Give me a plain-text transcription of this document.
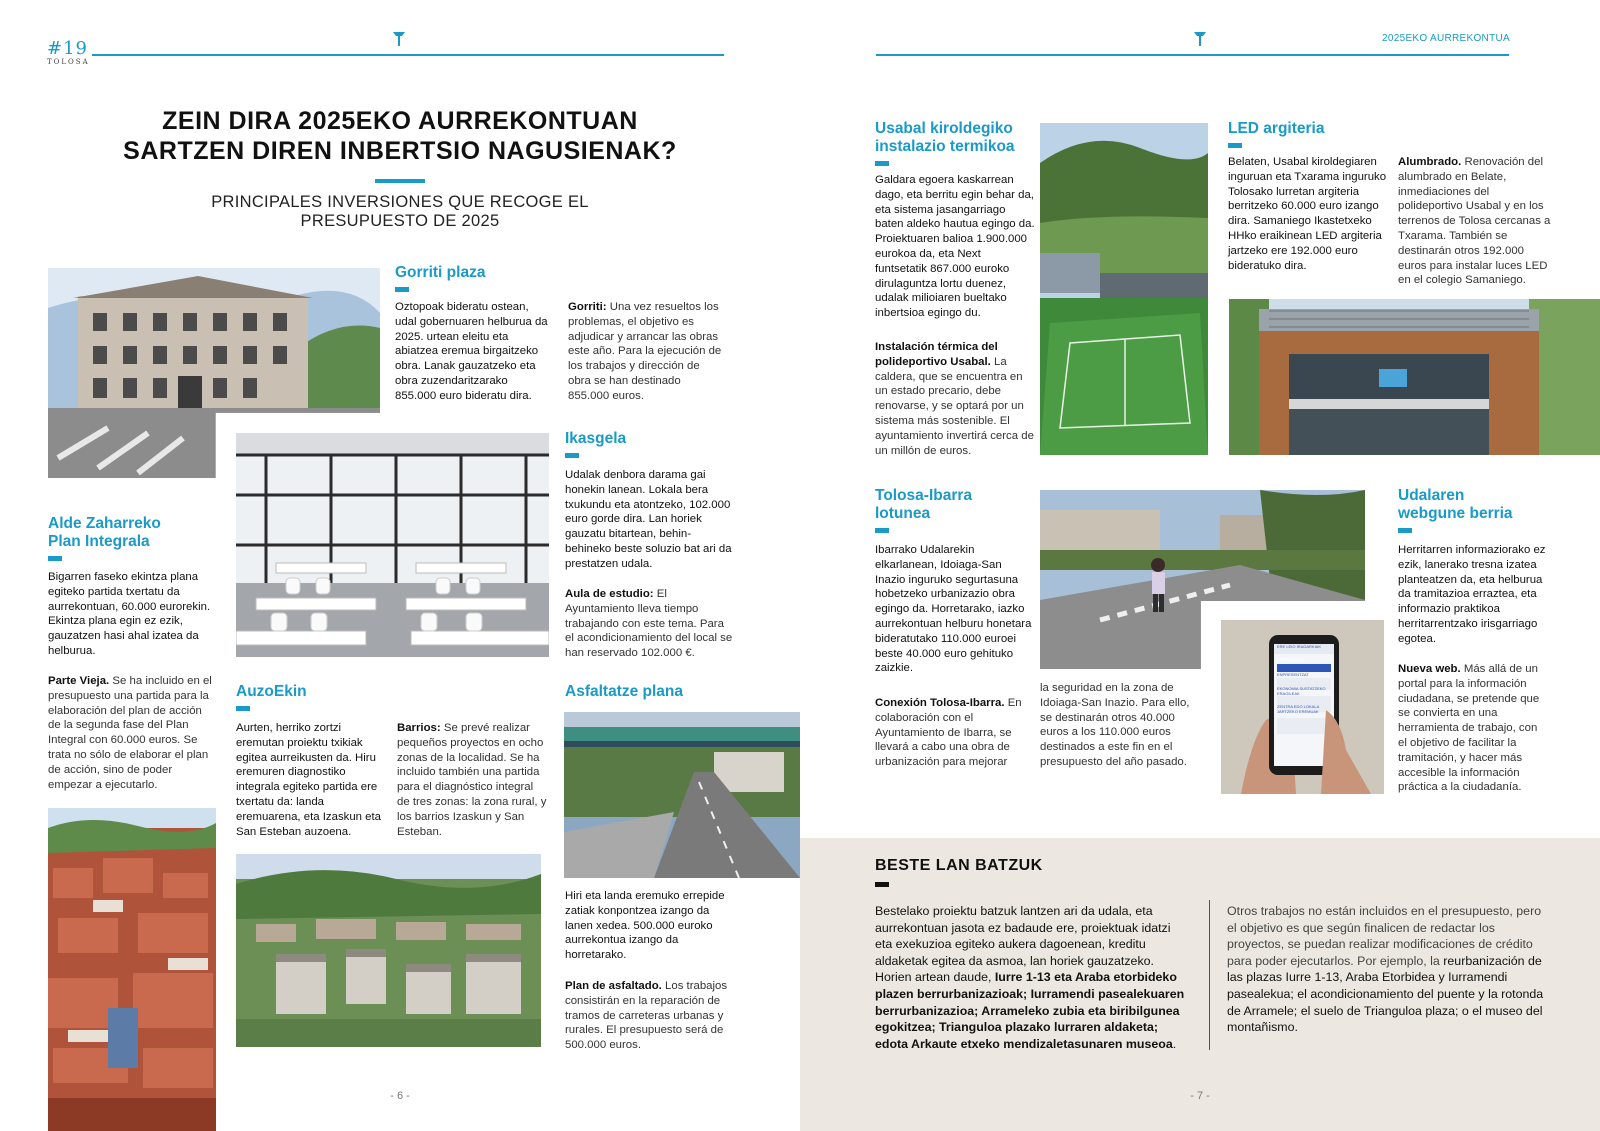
#19
TOLOSA
2025EKO AURREKONTUA
ZEIN DIRA 2025EKO AURREKONTUAN
SARTZEN DIREN INBERTSIO NAGUSIENAK?
PRINCIPALES INVERSIONES QUE RECOGE EL
PRESUPUESTO DE 2025
Gorriti plaza
Oztopoak bideratu ostean, udal gobernuaren helburua da 2025. urtean eleitu eta abiatzea eremua birgaitzeko obra. Lanak gauzatzeko eta obra zuzendaritzarako 855.000 euro bideratu dira.
Gorriti: Una vez resueltos los problemas, el objetivo es adjudicar y arrancar las obras este año. Para la ejecución de los trabajos y dirección de obra se han destinado 855.000 euros.
Ikasgela
Udalak denbora darama gai honekin lanean. Lokala bera txukundu eta atontzeko, 102.000 euro gorde dira. Lan horiek gauzatu bitartean, behin-behineko beste soluzio bat ari da prestatzen udala.
Aula de estudio: El Ayuntamiento lleva tiempo trabajando con este tema. Para el acondicionamiento del local se han reservado 102.000 €.
Alde Zaharreko
Plan Integrala
Bigarren faseko ekintza plana egiteko partida txertatu da aurrekontuan, 60.000 eurorekin. Ekintza plana egin ez ezik, gauzatzen hasi ahal izatea da helburua.
Parte Vieja. Se ha incluido en el presupuesto una partida para la elaboración del plan de acción de la segunda fase del Plan Integral con 60.000 euros. Se trata no sólo de elaborar el plan de acción, sino de poder empezar a ejecutarlo.
AuzoEkin
Aurten, herriko zortzi eremutan proiektu txikiak egitea aurreikusten da. Hiru eremuren diagnostiko integrala egiteko partida ere txertatu da: landa eremuarena, eta Izaskun eta San Esteban auzoena.
Barrios: Se prevé realizar pequeños proyectos en ocho zonas de la localidad. Se ha incluido también una partida para el diagnóstico integral de tres zonas: la zona rural, y los barrios Izaskun y San Esteban.
Asfaltatze plana
Hiri eta landa eremuko errepide zatiak konpontzea izango da lanen xedea. 500.000 euroko aurrekontua izango da horretarako.
Plan de asfaltado. Los trabajos consistirán en la reparación de tramos de carreteras urbanas y rurales. El presupuesto será de 500.000 euros.
- 6 -
Usabal kiroldegiko
instalazio termikoa
Galdara egoera kaskarrean dago, eta berritu egin behar da, eta sistema jasangarriago baten aldeko hautua egingo da. Proiektuaren balioa 1.900.000 eurokoa da, eta Next funtsetatik 867.000 euroko dirulaguntza lortu duenez, udalak milioiaren bueltako inbertsioa egingo du.
Instalación térmica del polideportivo Usabal. La caldera, que se encuentra en un estado precario, debe renovarse, y se optará por un sistema más sostenible. El ayuntamiento invertirá cerca de un millón de euros.
LED argiteria
Belaten, Usabal kiroldegiaren inguruan eta Txarama inguruko Tolosako lurretan argiteria berritzeko 60.000 euro izango dira. Samaniego Ikastetxeko HHko eraikinean LED argiteria jartzeko ere 192.000 euro bideratuko dira.
Alumbrado. Renovación del alumbrado en Belate, inmediaciones del polideportivo Usabal y en los terrenos de Tolosa cercanas a Txarama. También se destinarán otros 192.000 euros para instalar luces LED en el colegio Samaniego.
Tolosa-Ibarra
lotunea
Ibarrako Udalarekin elkarlanean, Idoiaga-San Inazio inguruko segurtasuna hobetzeko urbanizazio obra egingo da. Horretarako, iazko aurrekontuan helburu honetara bideratutako 110.000 euroei beste 40.000 euro gehituko zaizkie.
Conexión Tolosa-Ibarra. En colaboración con el Ayuntamiento de Ibarra, se llevará a cabo una obra de urbanización para mejorar
la seguridad en la zona de Idoiaga-San Inazio. Para ello, se destinarán otros 40.000 euros a los 110.000 euros destinados a este fin en el presupuesto del año pasado.
ERE LEIO IRAGARKIAK
ETXEBILERAK
ENPRESENTZAT
EKONOMIA SUSTATZEKO ERAGILEAK
ZENTRA EDO LOKALA JARTZEKO EREMUAK
Udalaren
webgune berria
Herritarren informaziorako ez ezik, lanerako tresna izatea planteatzen da, eta helburua da tramitazioa erraztea, eta informazio praktikoa herritarrentzako irisgarriago egotea.
Nueva web. Más allá de un portal para la información ciudadana, se pretende que se convierta en una herramienta de trabajo, con el objetivo de facilitar la tramitación, y hacer más accesible la información práctica a la ciudadanía.
BESTE LAN BATZUK
Bestelako proiektu batzuk lantzen ari da udala, eta aurrekontuan jasota ez badaude ere, proiektuak idatzi eta exekuzioa egiteko aukera dagoenean, kreditu aldaketak egitea da asmoa, lan horiek gauzatzeko. Horien artean daude, Iurre 1-13 eta Araba etorbideko plazen berrurbanizazioak; Iurramendi pasealekuaren berrurbanizazioa; Arrameleko zubia eta biribilgunea egokitzea; Trianguloa plazako lurraren aldaketa; edota Arkaute etxeko mendizaletasunaren museoa.
Otros trabajos no están incluidos en el presupuesto, pero el objetivo es que según finalicen de redactar los proyectos, se puedan realizar modificaciones de crédito para poder ejecutarlos. Por ejemplo, la reurbanización de las plazas Iurre 1-13, Araba Etorbidea y Iurramendi pasealekua; el acondicionamiento del puente y la rotonda de Arramele; el suelo de Trianguloa plaza; o el museo del montañismo.
- 7 -
